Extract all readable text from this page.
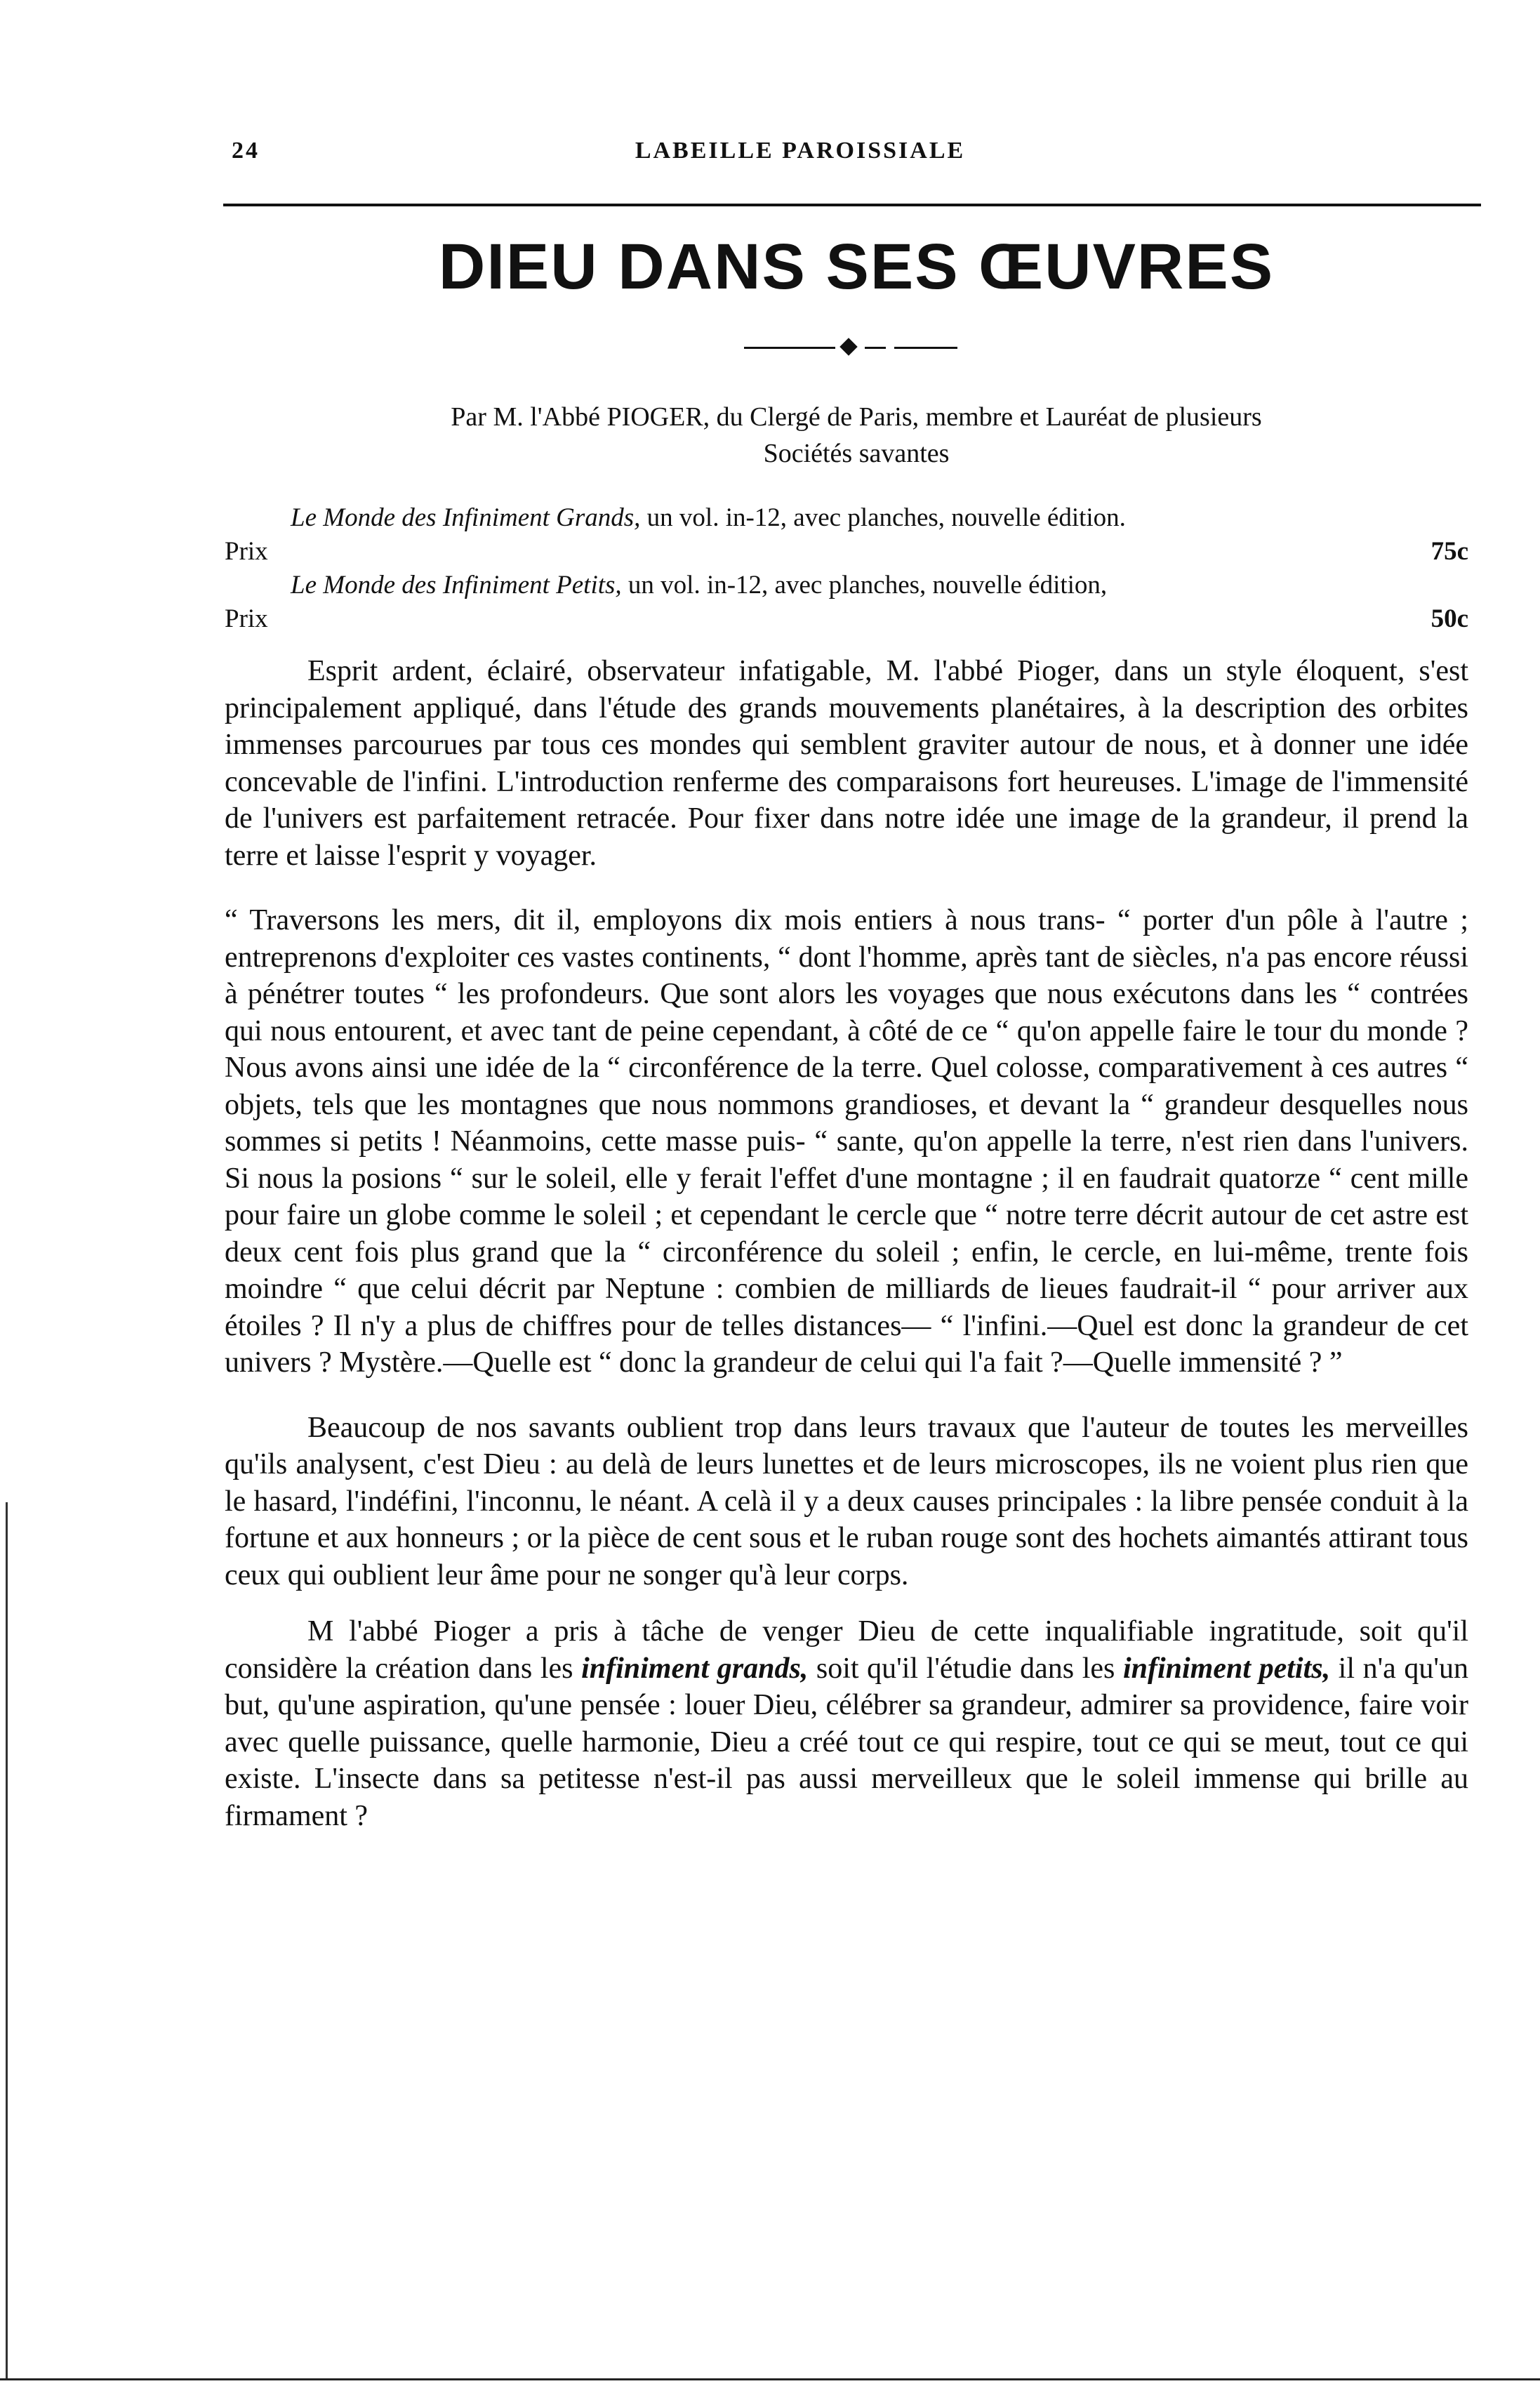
24	LABEILLE PAROISSIALE
DIEU DANS SES ŒUVRES
Par M. l'Abbé PIOGER, du Clergé de Paris, membre et Lauréat de plusieurs
Sociétés savantes
Le Monde des Infiniment Grands, un vol. in-12, avec planches, nouvelle édition.
Prix	75c
Le Monde des Infiniment Petits, un vol. in-12, avec planches, nouvelle édition,
Prix	50c

Esprit ardent, éclairé, observateur infatigable, M. l'abbé Pioger, dans un style éloquent, s'est principalement appliqué, dans l'étude des grands mouvements planétaires, à la description des orbites immenses parcourues par tous ces mondes qui semblent graviter autour de nous, et à donner une idée concevable de l'infini. L'introduction renferme des comparaisons fort heureuses. L'image de l'immensité de l'univers est parfaitement retracée. Pour fixer dans notre idée une image de la grandeur, il prend la terre et laisse l'esprit y voyager.

“ Traversons les mers, dit il, employons dix mois entiers à nous trans- “ porter d'un pôle à l'autre ; entreprenons d'exploiter ces vastes continents, “ dont l'homme, après tant de siècles, n'a pas encore réussi à pénétrer toutes “ les profondeurs. Que sont alors les voyages que nous exécutons dans les “ contrées qui nous entourent, et avec tant de peine cependant, à côté de ce “ qu'on appelle faire le tour du monde ? Nous avons ainsi une idée de la “ circonférence de la terre. Quel colosse, comparativement à ces autres “ objets, tels que les montagnes que nous nommons grandioses, et devant la “ grandeur desquelles nous sommes si petits ! Néanmoins, cette masse puis- “ sante, qu'on appelle la terre, n'est rien dans l'univers. Si nous la posions “ sur le soleil, elle y ferait l'effet d'une montagne ; il en faudrait quatorze “ cent mille pour faire un globe comme le soleil ; et cependant le cercle que “ notre terre décrit autour de cet astre est deux cent fois plus grand que la “ circonférence du soleil ; enfin, le cercle, en lui-même, trente fois moindre “ que celui décrit par Neptune : combien de milliards de lieues faudrait-il “ pour arriver aux étoiles ? Il n'y a plus de chiffres pour de telles distances— “ l'infini.—Quel est donc la grandeur de cet univers ? Mystère.—Quelle est “ donc la grandeur de celui qui l'a fait ?—Quelle immensité ? ”

Beaucoup de nos savants oublient trop dans leurs travaux que l'auteur de toutes les merveilles qu'ils analysent, c'est Dieu : au delà de leurs lunettes et de leurs microscopes, ils ne voient plus rien que le hasard, l'indéfini, l'inconnu, le néant. A celà il y a deux causes principales : la libre pensée conduit à la fortune et aux honneurs ; or la pièce de cent sous et le ruban rouge sont des hochets aimantés attirant tous ceux qui oublient leur âme pour ne songer qu'à leur corps.

M l'abbé Pioger a pris à tâche de venger Dieu de cette inqualifiable ingratitude, soit qu'il considère la création dans les infiniment grands, soit qu'il l'étudie dans les infiniment petits, il n'a qu'un but, qu'une aspiration, qu'une pensée : louer Dieu, célébrer sa grandeur, admirer sa providence, faire voir avec quelle puissance, quelle harmonie, Dieu a créé tout ce qui respire, tout ce qui se meut, tout ce qui existe. L'insecte dans sa petitesse n'est-il pas aussi merveilleux que le soleil immense qui brille au firmament ?
